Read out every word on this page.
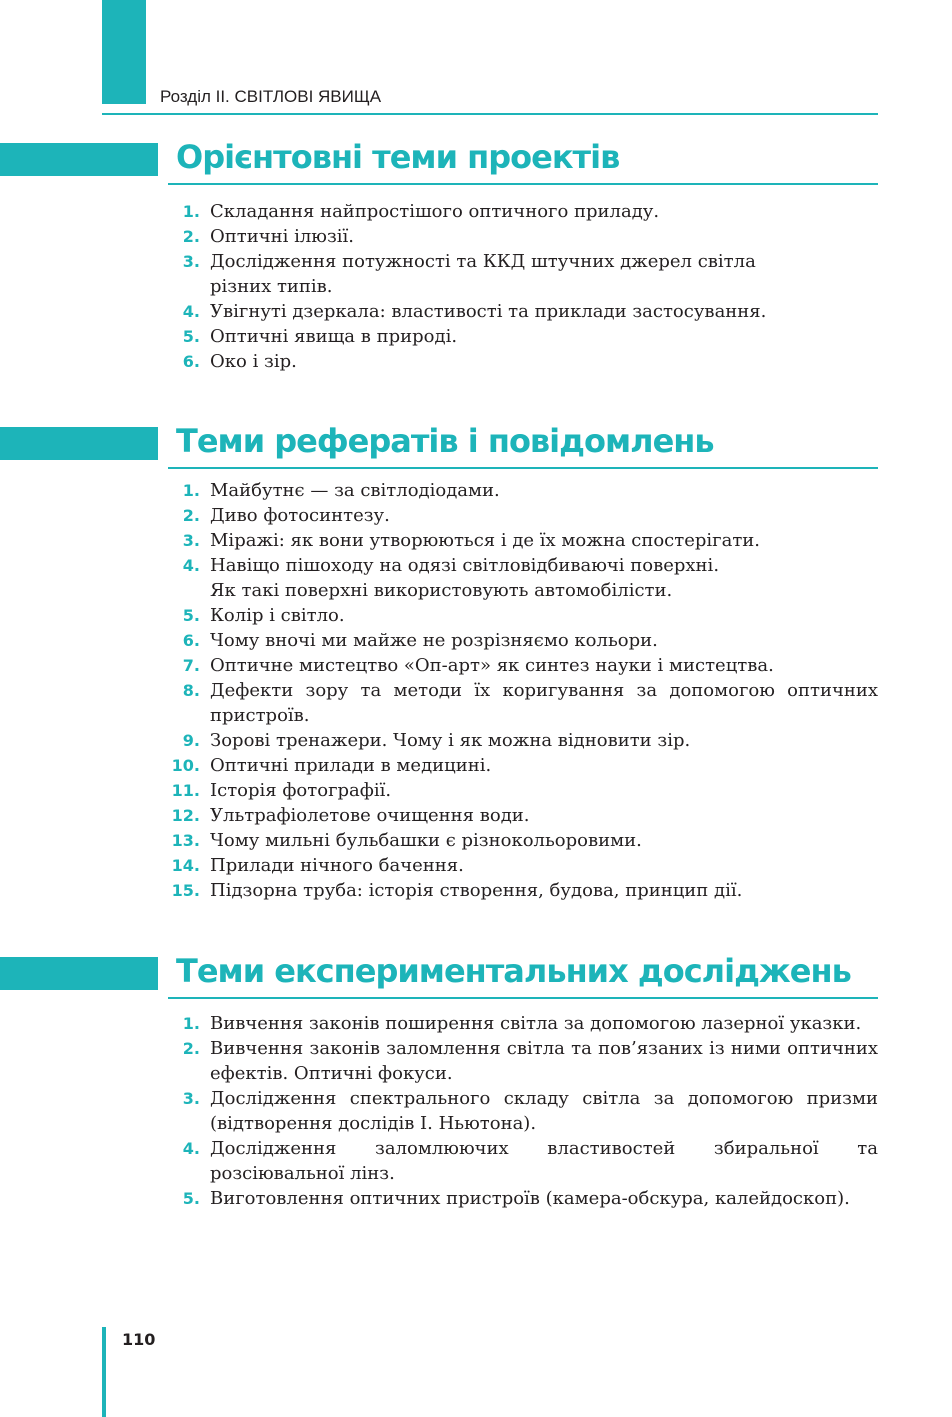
Розділ ІІ. СВІТЛОВІ ЯВИЩА
Орієнтовні теми проектів
1. Складання найпростішого оптичного приладу.
2. Оптичні ілюзії.
3. Дослідження потужності та ККД штучних джерел світла різних типів.
4. Увігнуті дзеркала: властивості та приклади застосування.
5. Оптичні явища в природі.
6. Око і зір.
Теми рефератів і повідомлень
1. Майбутнє — за світлодіодами.
2. Диво фотосинтезу.
3. Міражі: як вони утворюються і де їх можна спостерігати.
4. Навіщо пішоходу на одязі світловідбиваючі поверхні.
Як такі поверхні використовують автомобілісти.
5. Колір і світло.
6. Чому вночі ми майже не розрізняємо кольори.
7. Оптичне мистецтво «Оп-арт» як синтез науки і мистецтва.
8. Дефекти зору та методи їх коригування за допомогою оптичних пристроїв.
9. Зорові тренажери. Чому і як можна відновити зір.
10. Оптичні прилади в медицині.
11. Історія фотографії.
12. Ультрафіолетове очищення води.
13. Чому мильні бульбашки є різнокольоровими.
14. Прилади нічного бачення.
15. Підзорна труба: історія створення, будова, принцип дії.
Теми експериментальних досліджень
1. Вивчення законів поширення світла за допомогою лазерної указки.
2. Вивчення законів заломлення світла та пов’язаних із ними оптичних ефектів. Оптичні фокуси.
3. Дослідження спектрального складу світла за допомогою призми (відтворення дослідів І. Ньютона).
4. Дослідження заломлюючих властивостей збиральної та розсіювальної лінз.
5. Виготовлення оптичних пристроїв (камера-обскура, калейдоскоп).
110
